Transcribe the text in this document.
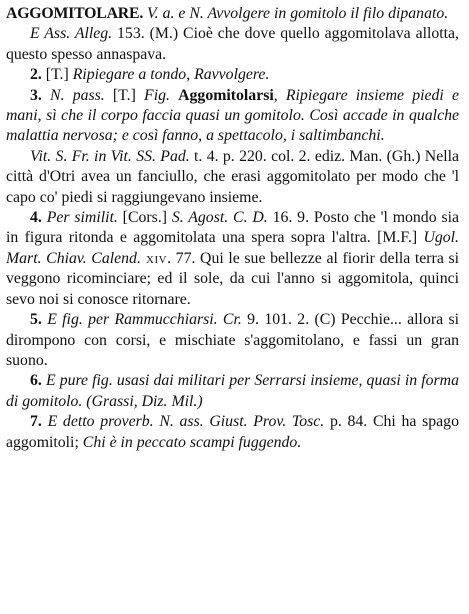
AGGOMITOLARE. V. a. e N. Avvolgere in gomitolo il filo dipanato.

E Ass. Alleg. 153. (M.) Cioè che dove quello aggomitolava allotta, questo spesso annaspava.

2. [T.] Ripiegare a tondo, Ravvolgere.

3. N. pass. [T.] Fig. Aggomitolarsi, Ripiegare insieme piedi e mani, sì che il corpo faccia quasi un gomitolo. Così accade in qualche malattia nervosa; e così fanno, a spettacolo, i saltimbanchi.

Vit. S. Fr. in Vit. SS. Pad. t. 4. p. 220. col. 2. ediz. Man. (Gh.) Nella città d'Otri avea un fanciullo, che erasi aggomitolato per modo che 'l capo co' piedi si raggiungevano insieme.

4. Per similit. [Cors.] S. Agost. C. D. 16. 9. Posto che 'l mondo sia in figura ritonda e aggomitolata una spera sopra l'altra. [M.F.] Ugol. Mart. Chiav. Calend. xiv. 77. Qui le sue bellezze al fiorir della terra si veggono ricominciare; ed il sole, da cui l'anno si aggomitola, quinci sevo noi si conosce ritornare.

5. E fig. per Rammucchiarsi. Cr. 9. 101. 2. (C) Pecchie... allora si dirompono con corsi, e mischiate s'aggomitolano, e fassi un gran suono.

6. E pure fig. usasi dai militari per Serrarsi insieme, quasi in forma di gomitolo. (Grassi, Diz. Mil.)

7. E detto proverb. N. ass. Giust. Prov. Tosc. p. 84. Chi ha spago aggomitoli; Chi è in peccato scampi fuggendo.
